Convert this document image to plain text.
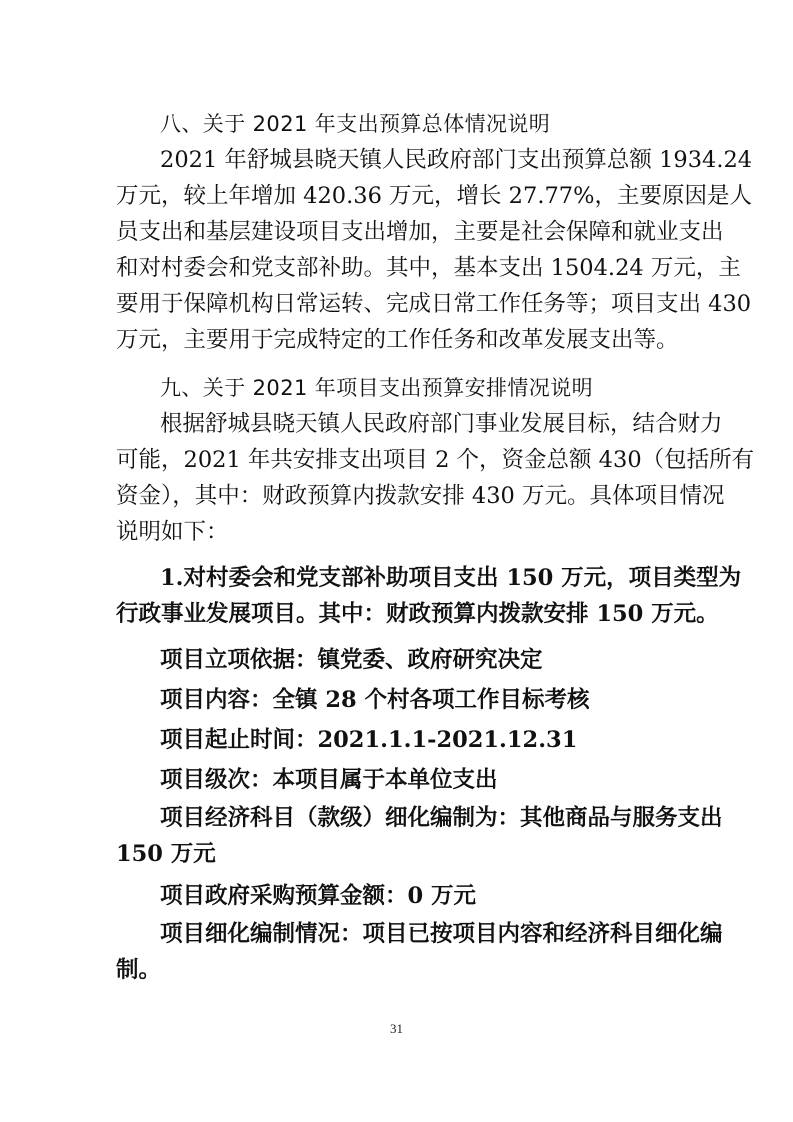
八、关于 2021 年支出预算总体情况说明
2021 年舒城县晓天镇人民政府部门支出预算总额 1934.24
万元，较上年增加 420.36 万元，增长 27.77%，主要原因是人
员支出和基层建设项目支出增加，主要是社会保障和就业支出
和对村委会和党支部补助。其中，基本支出 1504.24 万元，主
要用于保障机构日常运转、完成日常工作任务等；项目支出 430
万元，主要用于完成特定的工作任务和改革发展支出等。
九、关于 2021 年项目支出预算安排情况说明
根据舒城县晓天镇人民政府部门事业发展目标，结合财力
可能，2021 年共安排支出项目 2 个，资金总额 430（包括所有
资金），其中：财政预算内拨款安排 430 万元。具体项目情况
说明如下：
1.对村委会和党支部补助项目支出 150 万元，项目类型为
行政事业发展项目。其中：财政预算内拨款安排 150 万元。
项目立项依据：镇党委、政府研究决定
项目内容：全镇 28 个村各项工作目标考核
项目起止时间：2021.1.1-2021.12.31
项目级次：本项目属于本单位支出
项目经济科目（款级）细化编制为：其他商品与服务支出
150 万元
项目政府采购预算金额：0 万元
项目细化编制情况：项目已按项目内容和经济科目细化编
制。
31
